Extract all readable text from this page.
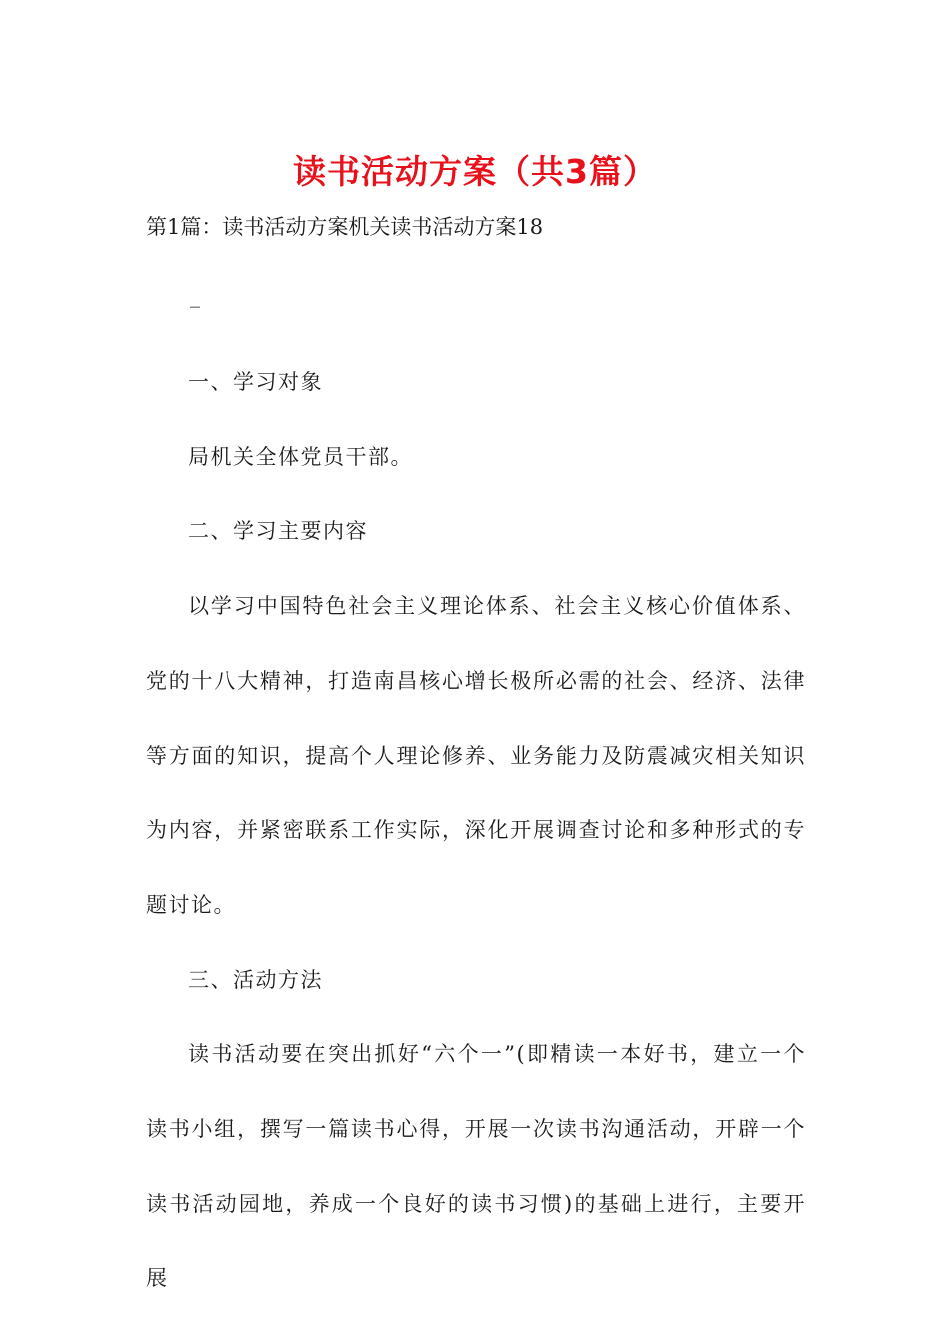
读书活动方案（共3篇）

第1篇：读书活动方案机关读书活动方案18

_

一、学习对象

局机关全体党员干部。

二、学习主要内容

以学习中国特色社会主义理论体系、社会主义核心价值体系、党的十八大精神，打造南昌核心增长极所必需的社会、经济、法律等方面的知识，提高个人理论修养、业务能力及防震减灾相关知识为内容，并紧密联系工作实际，深化开展调查讨论和多种形式的专题讨论。

三、活动方法

读书活动要在突出抓好“六个一”(即精读一本好书，建立一个读书小组，撰写一篇读书心得，开展一次读书沟通活动，开辟一个读书活动园地，养成一个良好的读书习惯)的基础上进行，主要开展
